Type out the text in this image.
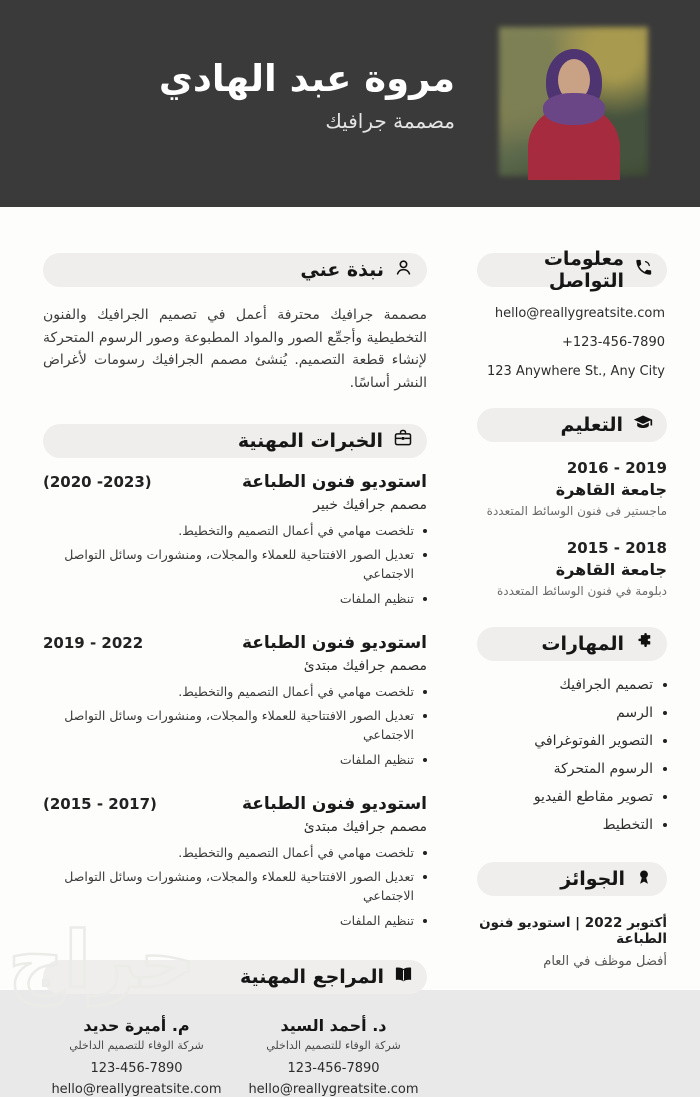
مروة عبد الهادي
مصممة جرافيك
معلومات التواصل
hello@reallygreatsite.com
+123-456-7890
123 Anywhere St., Any City
التعليم
2016 - 2019
جامعة القاهرة
ماجستير فى فنون الوسائط المتعددة
2015 - 2018
جامعة القاهرة
دبلومة في فنون الوسائط المتعددة
المهارات
تصميم الجرافيك
الرسم
التصوير الفوتوغرافي
الرسوم المتحركة
تصوير مقاطع الفيديو
التخطيط
الجوائز
أكتوبر 2022 | استوديو فنون الطباعة
أفضل موظف في العام
نبذة عني
مصممة جرافيك محترفة أعمل في تصميم الجرافيك والفنون التخطيطية وأجمِّع الصور والمواد المطبوعة وصور الرسوم المتحركة لإنشاء قطعة التصميم. يُنشئ مصمم الجرافيك رسومات لأغراض النشر أساسًا.
الخبرات المهنية
استوديو فنون الطباعة
(2020 -2023)
مصمم جرافيك خبير
تلخصت مهامي في أعمال التصميم والتخطيط.
تعديل الصور الافتتاحية للعملاء والمجلات، ومنشورات وسائل التواصل الاجتماعي
تنظيم الملفات
استوديو فنون الطباعة
2019 - 2022
مصمم جرافيك مبتدئ
تلخصت مهامي في أعمال التصميم والتخطيط.
تعديل الصور الافتتاحية للعملاء والمجلات، ومنشورات وسائل التواصل الاجتماعي
تنظيم الملفات
استوديو فنون الطباعة
(2015 - 2017)
مصمم جرافيك مبتدئ
تلخصت مهامي في أعمال التصميم والتخطيط.
تعديل الصور الافتتاحية للعملاء والمجلات، ومنشورات وسائل التواصل الاجتماعي
تنظيم الملفات
المراجع المهنية
د. أحمد السيد
شركة الوفاء للتصميم الداخلي
123-456-7890
hello@reallygreatsite.com
م. أميرة حديد
شركة الوفاء للتصميم الداخلي
123-456-7890
hello@reallygreatsite.com
حراج
